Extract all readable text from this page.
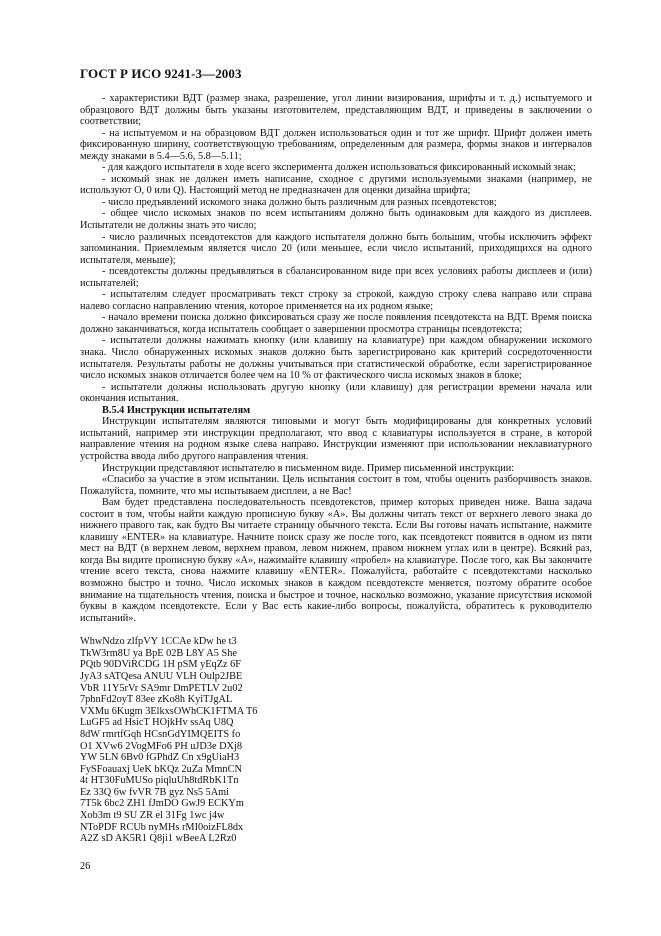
ГОСТ Р ИСО 9241-3—2003

- характеристики ВДТ (размер знака, разрешение, угол линии визирования, шрифты и т. д.) испытуемого и образцового ВДТ должны быть указаны изготовителем, представляющим ВДТ, и приведены в заключении о соответствии;

- на испытуемом и на образцовом ВДТ должен использоваться один и тот же шрифт. Шрифт должен иметь фиксированную ширину, соответствующую требованиям, определенным для размера, формы знаков и интервалов между знаками в 5.4—5.6, 5.8—5.11;

- для каждого испытателя в ходе всего эксперимента должен использоваться фиксированный искомый знак;

- искомый знак не должен иметь написание, сходное с другими используемыми знаками (например, не используют O, 0 или Q). Настоящий метод не предназначен для оценки дизайна шрифта;

- число предъявлений искомого знака должно быть различным для разных псевдотекстов;

- общее число искомых знаков по всем испытаниям должно быть одинаковым для каждого из дисплеев. Испытатели не должны знать это число;

- число различных псевдотекстов для каждого испытателя должно быть большим, чтобы исключить эффект запоминания. Приемлемым является число 20 (или меньшее, если число испытаний, приходящихся на одного испытателя, меньше);

- псевдотексты должны предъявляться в сбалансированном виде при всех условиях работы дисплеев и (или) испытателей;

- испытателям следует просматривать текст строку за строкой, каждую строку слева направо или справа налево согласно направлению чтения, которое применяется на их родном языке;

- начало времени поиска должно фиксироваться сразу же после появления псевдотекста на ВДТ. Время поиска должно заканчиваться, когда испытатель сообщает о завершении просмотра страницы псевдотекста;

- испытатели должны нажимать кнопку (или клавишу на клавиатуре) при каждом обнаружении искомого знака. Число обнаруженных искомых знаков должно быть зарегистрировано как критерий сосредоточенности испытателя. Результаты работы не должны учитываться при статистической обработке, если зарегистрированное число искомых знаков отличается более чем на 10 % от фактического числа искомых знаков в блоке;

- испытатели должны использовать другую кнопку (или клавишу) для регистрации времени начала или окончания испытания.

В.5.4 Инструкции испытателям

Инструкции испытателям являются типовыми и могут быть модифицированы для конкретных условий испытаний, например эти инструкции предполагают, что ввод с клавиатуры используется в стране, в которой направление чтения на родном языке слева направо. Инструкции изменяют при использовании неклавиатурного устройства ввода либо другого направления чтения.

Инструкции представляют испытателю в письменном виде. Пример письменной инструкции:

«Спасибо за участие в этом испытании. Цель испытания состоит в том, чтобы оценить разборчивость знаков. Пожалуйста, помните, что мы испытываем дисплеи, а не Вас!

Вам будет представлена последовательность псевдотекстов, пример которых приведен ниже. Ваша задача состоит в том, чтобы найти каждую прописную букву «А». Вы должны читать текст от верхнего левого знака до нижнего правого так, как будто Вы читаете страницу обычного текста. Если Вы готовы начать испытание, нажмите клавишу «ENTER» на клавиатуре. Начните поиск сразу же после того, как псевдотекст появится в одном из пяти мест на ВДТ (в верхнем левом, верхнем правом, левом нижнем, правом нижнем углах или в центре). Всякий раз, когда Вы видите прописную букву «А», нажимайте клавишу «пробел» на клавиатуре. После того, как Вы закончите чтение всего текста, снова нажмите клавишу «ENTER». Пожалуйста, работайте с псевдотекстами насколько возможно быстро и точно. Число искомых знаков в каждом псевдотексте меняется, поэтому обратите особое внимание на тщательность чтения, поиска и быстрое и точное, насколько возможно, указание присутствия искомой буквы в каждом псевдотексте. Если у Вас есть какие-либо вопросы, пожалуйста, обратитесь к руководителю испытаний».

WhwNdzo zlfpVY 1CCAe kDw he t3
TkW3rm8U ya BpE 02B L8Y A5 She
PQtb 90DViRCDG 1H pSM yEqZz 6F
JyA3 sATQesa ANUU VLH Oulp2JBE
VbR 11Y5rVr SA9mr DmPETLV 2u02
7phnFd2oyT 83ee zKo8h KyiTJgAL
VXMu 6Kugm 3ElkxsOWhCK1FTMA T6
LuGF5 ad HsicT HOjkHv ssAq U8Q
8dW rmrtfGqh HCsnGdYIMQEITS fo
O1 XVw6 2VogMFo6 PH uJD3e DXj8
YW 5LN 6Bv0 fGPhdZ Cn x9gUiaH3
FySFoauaxj UeK bKQz 2uZa MmnCN
4t HT30FuMUSo piqluUh8tdRbK1Tn
Ez 33Q 6w fvVR 7B gyz Ns5 5Ami
7T5k 6bc2 ZH1 fJmDO GwJ9 ECKYm
Xob3m t9 SU ZR el 31Fg 1wc j4w
NToPDF RCUb nyMHs rMI0oizFL8dx
A2Z sD AK5R1 Q8ji1 wBeeA L2Rz0
26
